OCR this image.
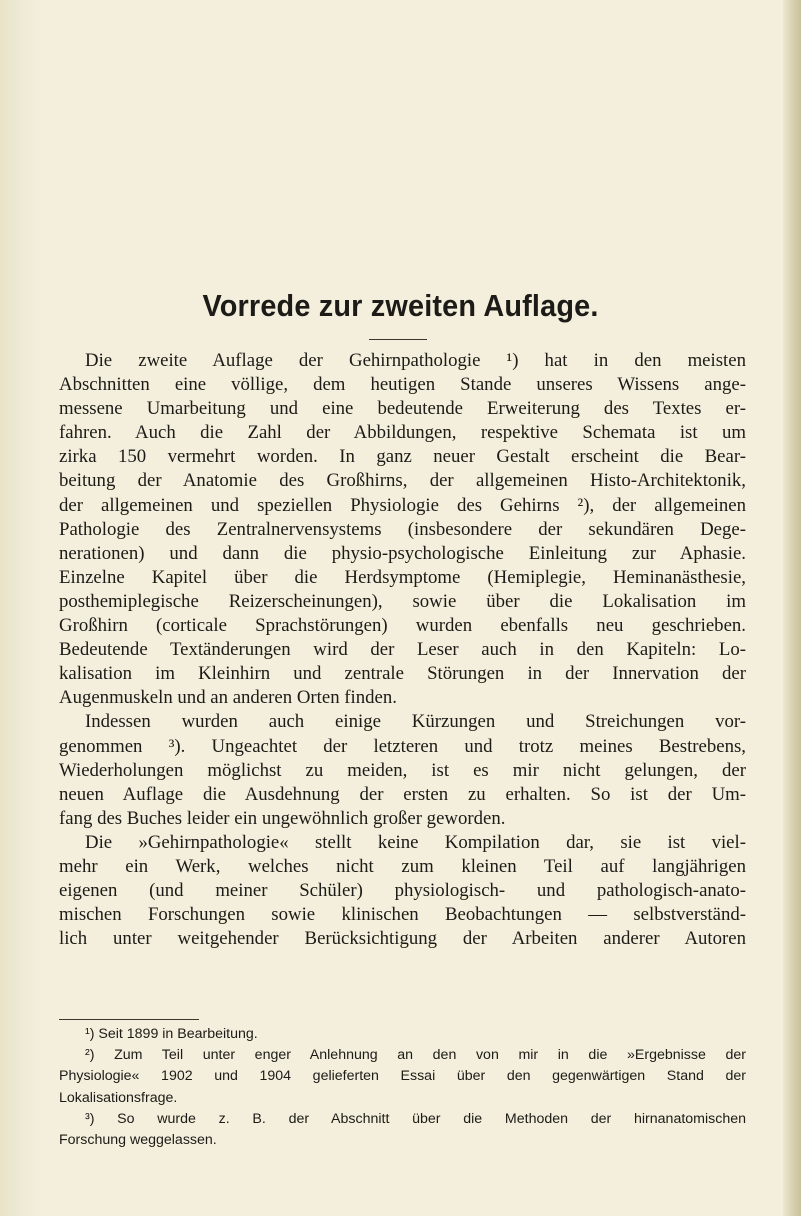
Vorrede zur zweiten Auflage.
Die zweite Auflage der Gehirnpathologie ¹) hat in den meisten
Abschnitten eine völlige, dem heutigen Stande unseres Wissens ange-
messene Umarbeitung und eine bedeutende Erweiterung des Textes er-
fahren. Auch die Zahl der Abbildungen, respektive Schemata ist um
zirka 150 vermehrt worden. In ganz neuer Gestalt erscheint die Bear-
beitung der Anatomie des Großhirns, der allgemeinen Histo-Architektonik,
der allgemeinen und speziellen Physiologie des Gehirns ²), der allgemeinen
Pathologie des Zentralnervensystems (insbesondere der sekundären Dege-
nerationen) und dann die physio-psychologische Einleitung zur Aphasie.
Einzelne Kapitel über die Herdsymptome (Hemiplegie, Heminanästhesie,
posthemiplegische Reizerscheinungen), sowie über die Lokalisation im
Großhirn (corticale Sprachstörungen) wurden ebenfalls neu geschrieben.
Bedeutende Textänderungen wird der Leser auch in den Kapiteln: Lo-
kalisation im Kleinhirn und zentrale Störungen in der Innervation der
Augenmuskeln und an anderen Orten finden.
Indessen wurden auch einige Kürzungen und Streichungen vor-
genommen ³). Ungeachtet der letzteren und trotz meines Bestrebens,
Wiederholungen möglichst zu meiden, ist es mir nicht gelungen, der
neuen Auflage die Ausdehnung der ersten zu erhalten. So ist der Um-
fang des Buches leider ein ungewöhnlich großer geworden.
Die »Gehirnpathologie« stellt keine Kompilation dar, sie ist viel-
mehr ein Werk, welches nicht zum kleinen Teil auf langjährigen
eigenen (und meiner Schüler) physiologisch- und pathologisch-anato-
mischen Forschungen sowie klinischen Beobachtungen — selbstverständ-
lich unter weitgehender Berücksichtigung der Arbeiten anderer Autoren
¹) Seit 1899 in Bearbeitung.
²) Zum Teil unter enger Anlehnung an den von mir in die »Ergebnisse der
Physiologie« 1902 und 1904 gelieferten Essai über den gegenwärtigen Stand der
Lokalisationsfrage.
³) So wurde z. B. der Abschnitt über die Methoden der hirnanatomischen
Forschung weggelassen.
